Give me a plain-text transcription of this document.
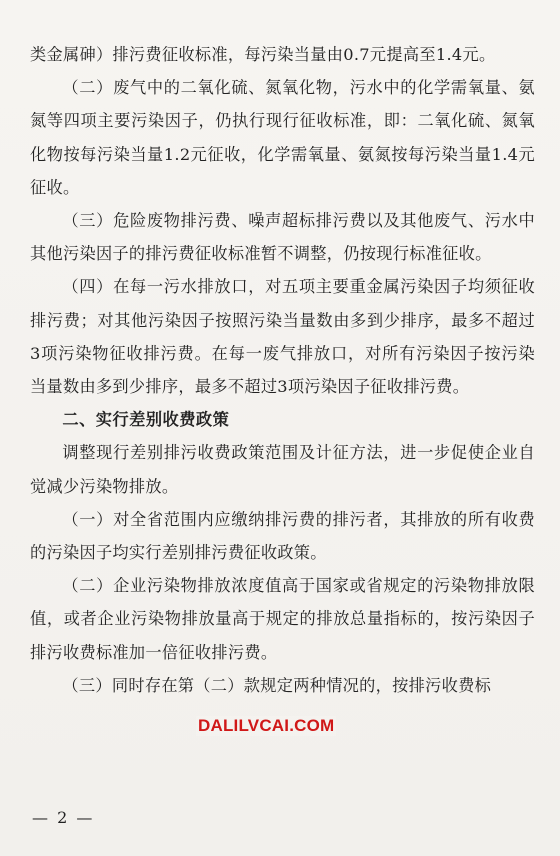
类金属砷）排污费征收标准，每污染当量由0.7元提高至1.4元。

（二）废气中的二氧化硫、氮氧化物，污水中的化学需氧量、氨氮等四项主要污染因子，仍执行现行征收标准，即：二氧化硫、氮氧化物按每污染当量1.2元征收，化学需氧量、氨氮按每污染当量1.4元征收。

（三）危险废物排污费、噪声超标排污费以及其他废气、污水中其他污染因子的排污费征收标准暂不调整，仍按现行标准征收。

（四）在每一污水排放口，对五项主要重金属污染因子均须征收排污费；对其他污染因子按照污染当量数由多到少排序，最多不超过3项污染物征收排污费。在每一废气排放口，对所有污染因子按污染当量数由多到少排序，最多不超过3项污染因子征收排污费。

二、实行差别收费政策

调整现行差别排污收费政策范围及计征方法，进一步促使企业自觉减少污染物排放。

（一）对全省范围内应缴纳排污费的排污者，其排放的所有收费的污染因子均实行差别排污费征收政策。

（二）企业污染物排放浓度值高于国家或省规定的污染物排放限值，或者企业污染物排放量高于规定的排放总量指标的，按污染因子排污收费标准加一倍征收排污费。

（三）同时存在第（二）款规定两种情况的，按排污收费标

DALILVCAI.COM
— 2 —
